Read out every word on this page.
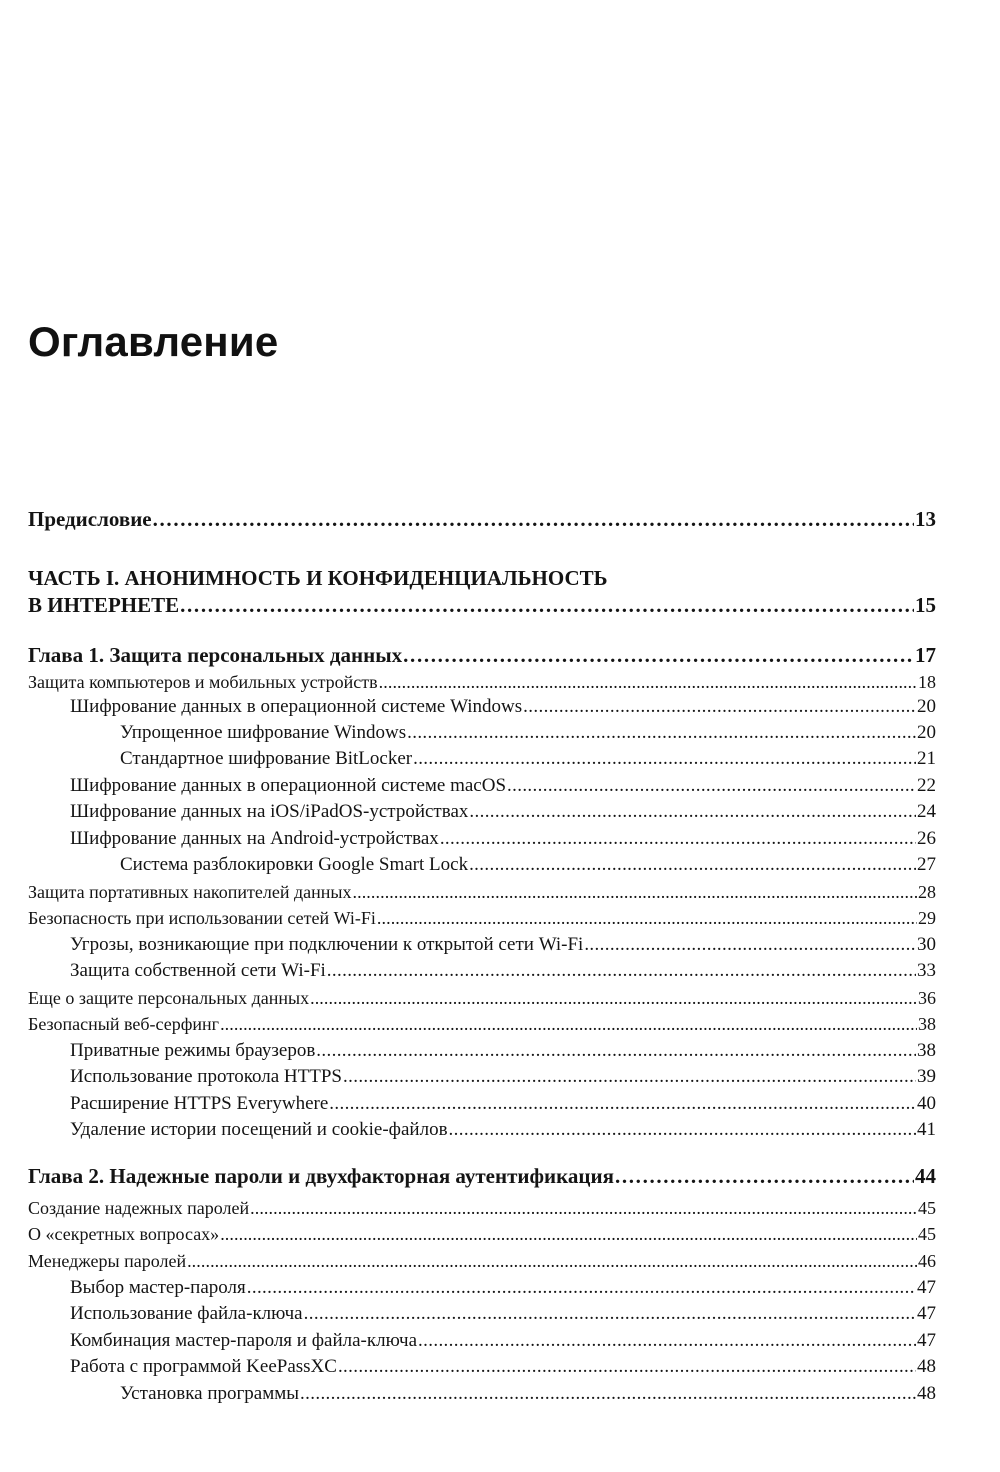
Оглавление
Предисловие . . .	13
ЧАСТЬ I. АНОНИМНОСТЬ И КОНФИДЕНЦИАЛЬНОСТЬ
В ИНТЕРНЕТЕ . . .	15
Глава 1. Защита персональных данных . . .	17
Защита компьютеров и мобильных устройств . . .	18
Шифрование данных в операционной системе Windows . . .	20
Упрощенное шифрование Windows . . .	20
Стандартное шифрование BitLocker . . .	21
Шифрование данных в операционной системе macOS . . .	22
Шифрование данных на iOS/iPadOS-устройствах . . .	24
Шифрование данных на Android-устройствах . . .	26
Система разблокировки Google Smart Lock . . .	27
Защита портативных накопителей данных . . .	28
Безопасность при использовании сетей Wi-Fi . . .	29
Угрозы, возникающие при подключении к открытой сети Wi-Fi . . .	30
Защита собственной сети Wi-Fi . . .	33
Еще о защите персональных данных . . .	36
Безопасный веб-серфинг . . .	38
Приватные режимы браузеров . . .	38
Использование протокола HTTPS . . .	39
Расширение HTTPS Everywhere . . .	40
Удаление истории посещений и cookie-файлов . . .	41
Глава 2. Надежные пароли и двухфакторная аутентификация . . .	44
Создание надежных паролей . . .	45
О «секретных вопросах» . . .	45
Менеджеры паролей . . .	46
Выбор мастер-пароля . . .	47
Использование файла-ключа . . .	47
Комбинация мастер-пароля и файла-ключа . . .	47
Работа с программой KeePassXC . . .	48
Установка программы . . .	48
